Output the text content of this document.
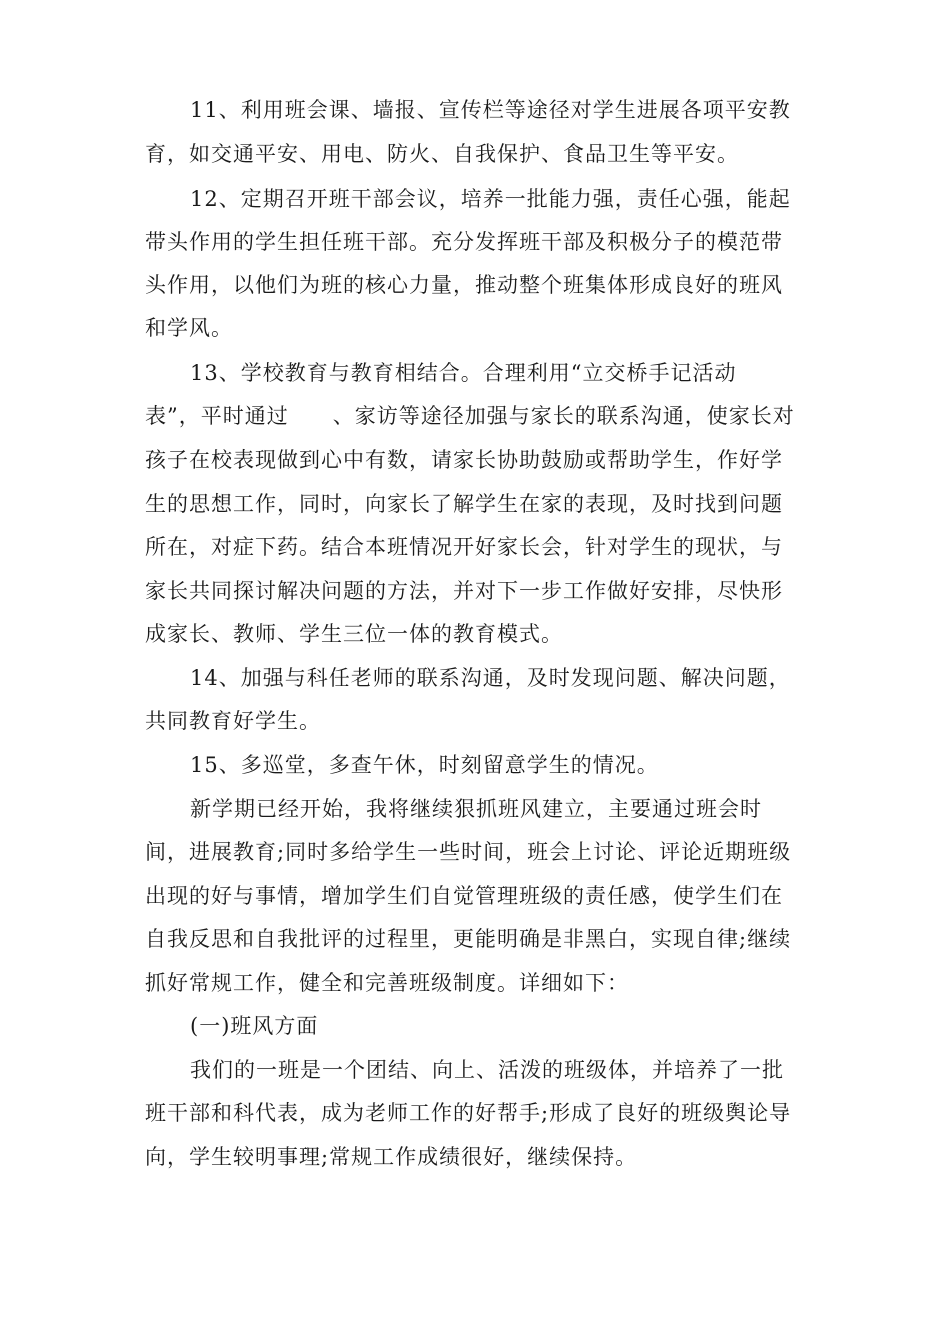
11、利用班会课、墙报、宣传栏等途径对学生进展各项平安教
育，如交通平安、用电、防火、自我保护、食品卫生等平安。
12、定期召开班干部会议，培养一批能力强，责任心强，能起
带头作用的学生担任班干部。充分发挥班干部及积极分子的模范带
头作用，以他们为班的核心力量，推动整个班集体形成良好的班风
和学风。
13、学校教育与教育相结合。合理利用“立交桥手记活动
表”，平时通过　　、家访等途径加强与家长的联系沟通，使家长对
孩子在校表现做到心中有数，请家长协助鼓励或帮助学生，作好学
生的思想工作，同时，向家长了解学生在家的表现，及时找到问题
所在，对症下药。结合本班情况开好家长会，针对学生的现状，与
家长共同探讨解决问题的方法，并对下一步工作做好安排，尽快形
成家长、教师、学生三位一体的教育模式。
14、加强与科任老师的联系沟通，及时发现问题、解决问题，
共同教育好学生。
15、多巡堂，多查午休，时刻留意学生的情况。
新学期已经开始，我将继续狠抓班风建立，主要通过班会时
间，进展教育;同时多给学生一些时间，班会上讨论、评论近期班级
出现的好与事情，增加学生们自觉管理班级的责任感，使学生们在
自我反思和自我批评的过程里，更能明确是非黑白，实现自律;继续
抓好常规工作，健全和完善班级制度。详细如下：
(一)班风方面
我们的一班是一个团结、向上、活泼的班级体，并培养了一批
班干部和科代表，成为老师工作的好帮手;形成了良好的班级舆论导
向，学生较明事理;常规工作成绩很好，继续保持。
